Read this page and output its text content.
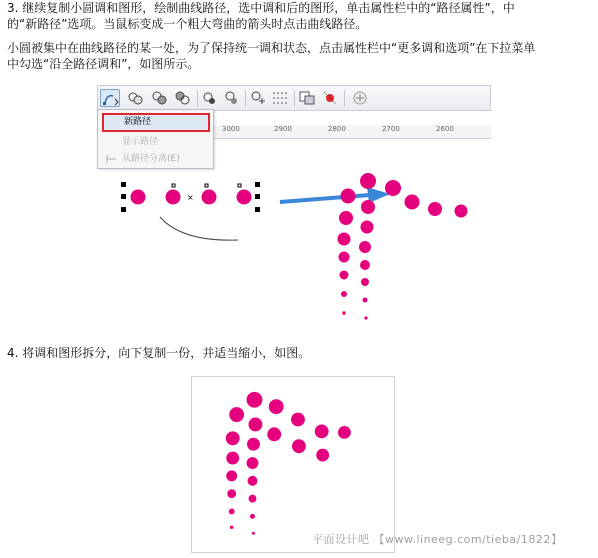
3. 继续复制小圆调和图形，绘制曲线路径，选中调和后的图形，单击属性栏中的“路径属性”，中
的“新路径”选项。当鼠标变成一个粗大弯曲的箭头时点击曲线路径。

小圆被集中在曲线路径的某一处，为了保持统一调和状态，点击属性栏中“更多调和选项”在下拉菜单
中勾选“沿全路径调和”，如图所示。

3000	2900	2800	2700	2600
新路径
显示路径
从路径分离(E)
×

4. 将调和图形拆分，向下复制一份，并适当缩小，如图。

平面设计吧 【www.lineeg.com/tieba/1822】
